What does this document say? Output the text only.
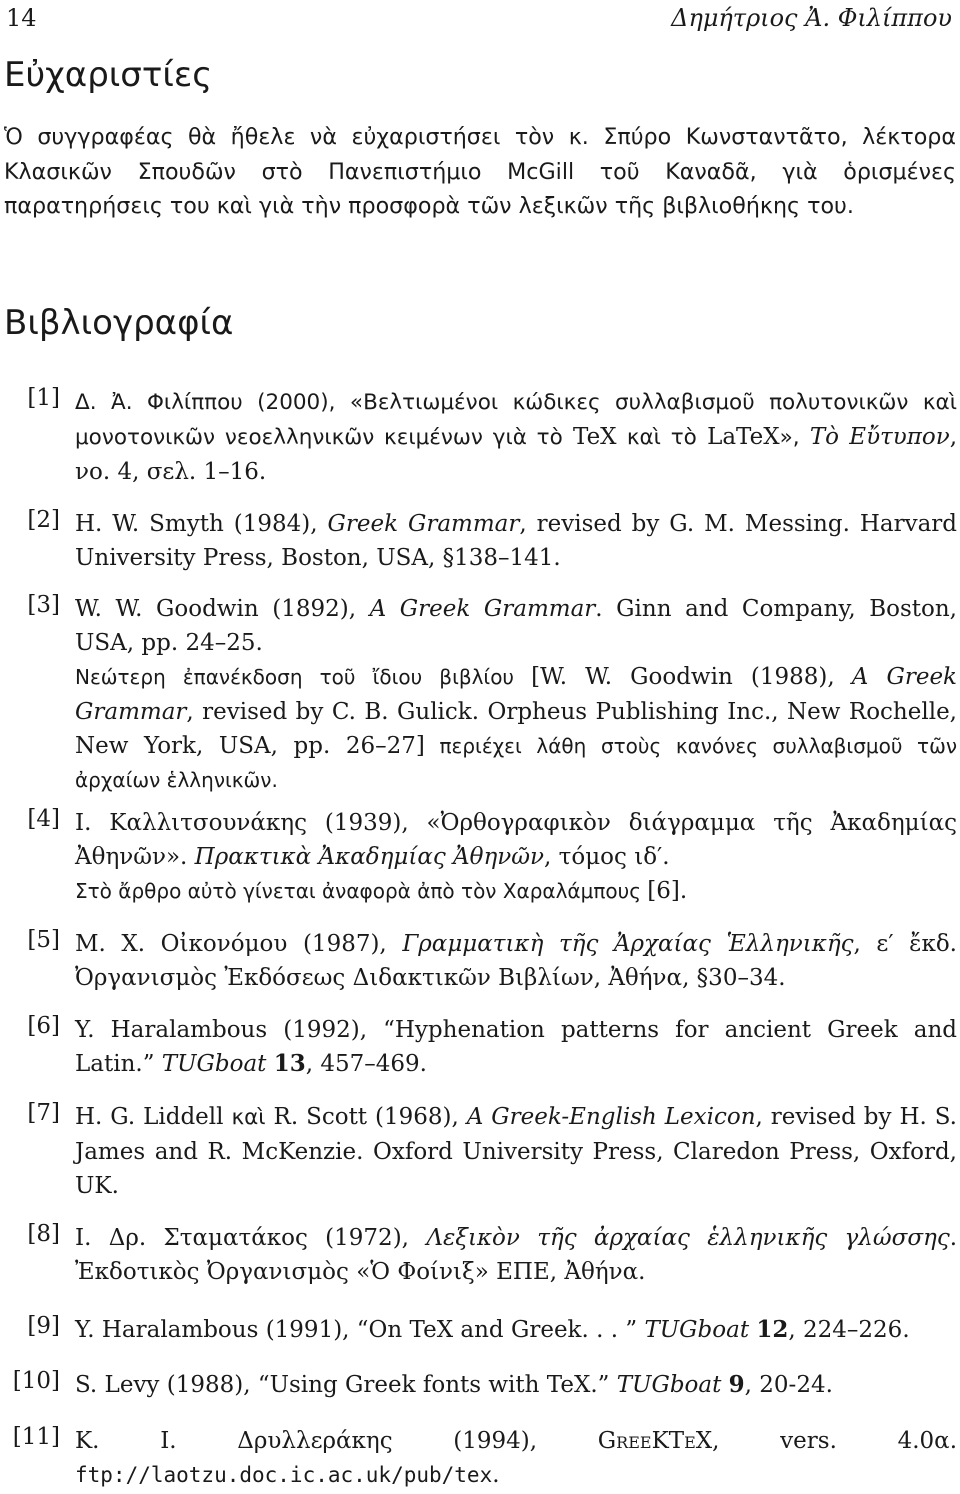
14	Δημήτριος Ἀ. Φιλίππου
Εὐχαριστίες

Ὁ συγγραφέας θὰ ἤθελε νὰ εὐχαριστήσει τὸν κ. Σπύρο Κωνσταντᾶτο, λέκτορα Κλασικῶν Σπουδῶν στὸ Πανεπιστήμιο McGill τοῦ Καναδᾶ, γιὰ ὁρισμένες παρατηρήσεις του καὶ γιὰ τὴν προσφορὰ τῶν λεξικῶν τῆς βιβλιοθήκης του.

Βιβλιογραφία
[1] Δ. Ἀ. Φιλίππου (2000), «Βελτιωμένοι κώδικες συλλαβισμοῦ πολυτονικῶν καὶ μονοτονικῶν νεοελληνικῶν κειμένων γιὰ τὸ TeX καὶ τὸ LaTeX», Τὸ Εὔτυπον, νο. 4, σελ. 1–16.
[2] H. W. Smyth (1984), Greek Grammar, revised by G. M. Messing. Harvard University Press, Boston, USA, §138–141.
[3] W. W. Goodwin (1892), A Greek Grammar. Ginn and Company, Boston, USA, pp. 24–25.
Νεώτερη ἐπανέκδοση τοῦ ἴδιου βιβλίου [W. W. Goodwin (1988), A Greek Grammar, revised by C. B. Gulick. Orpheus Publishing Inc., New Rochelle, New York, USA, pp. 26–27] περιέχει λάθη στοὺς κανόνες συλλαβισμοῦ τῶν ἀρχαίων ἑλληνικῶν.
[4] I. Καλλιτσουνάκης (1939), «Ὀρθογραφικὸν διάγραμμα τῆς Ἀκαδημίας Ἀθηνῶν». Πρακτικὰ Ἀκαδημίας Ἀθηνῶν, τόμος ιδ′.
Στὸ ἄρθρο αὐτὸ γίνεται ἀναφορὰ ἀπὸ τὸν Χαραλάμπους [6].
[5] M. X. Οἰκονόμου (1987), Γραμματικὴ τῆς Ἀρχαίας Ἑλληνικῆς, ε′ ἔκδ. Ὀργανισμὸς Ἐκδόσεως Διδακτικῶν Βιβλίων, Ἀθήνα, §30–34.
[6] Y. Haralambous (1992), “Hyphenation patterns for ancient Greek and Latin.” TUGboat 13, 457–469.
[7] H. G. Liddell καὶ R. Scott (1968), A Greek-English Lexicon, revised by H. S. James and R. McKenzie. Oxford University Press, Claredon Press, Oxford, UK.
[8] I. Δρ. Σταματάκος (1972), Λεξικὸν τῆς ἀρχαίας ἑλληνικῆς γλώσσης. Ἐκδοτικὸς Ὀργανισμὸς «Ὁ Φοίνιξ» ΕΠΕ, Ἀθήνα.
[9] Y. Haralambous (1991), “On TeX and Greek. . . ” TUGboat 12, 224–226.
[10] S. Levy (1988), “Using Greek fonts with TeX.” TUGboat 9, 20-24.
[11] K. I. Δρυλλεράκης (1994),	GreeKTeX, vers. 4.0α. ftp://laotzu.doc.ic.ac.uk/pub/tex.
